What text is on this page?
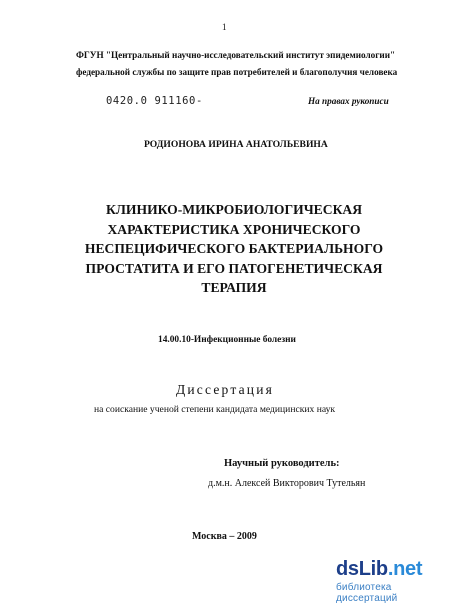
1
ФГУН "Центральный научно-исследовательский институт эпидемиологии"
федеральной службы по защите прав потребителей и благополучия человека
0420.0 911160-	На правах рукописи
РОДИОНОВА ИРИНА АНАТОЛЬЕВИНА
КЛИНИКО-МИКРОБИОЛОГИЧЕСКАЯ
ХАРАКТЕРИСТИКА ХРОНИЧЕСКОГО
НЕСПЕЦИФИЧЕСКОГО БАКТЕРИАЛЬНОГО
ПРОСТАТИТА И ЕГО ПАТОГЕНЕТИЧЕСКАЯ
ТЕРАПИЯ
14.00.10-Инфекционные болезни
Диссертация
на соискание ученой степени кандидата медицинских наук
Научный руководитель:
д.м.н. Алексей Викторович Тутельян
Москва – 2009
dsLib.net
библиотека диссертаций
